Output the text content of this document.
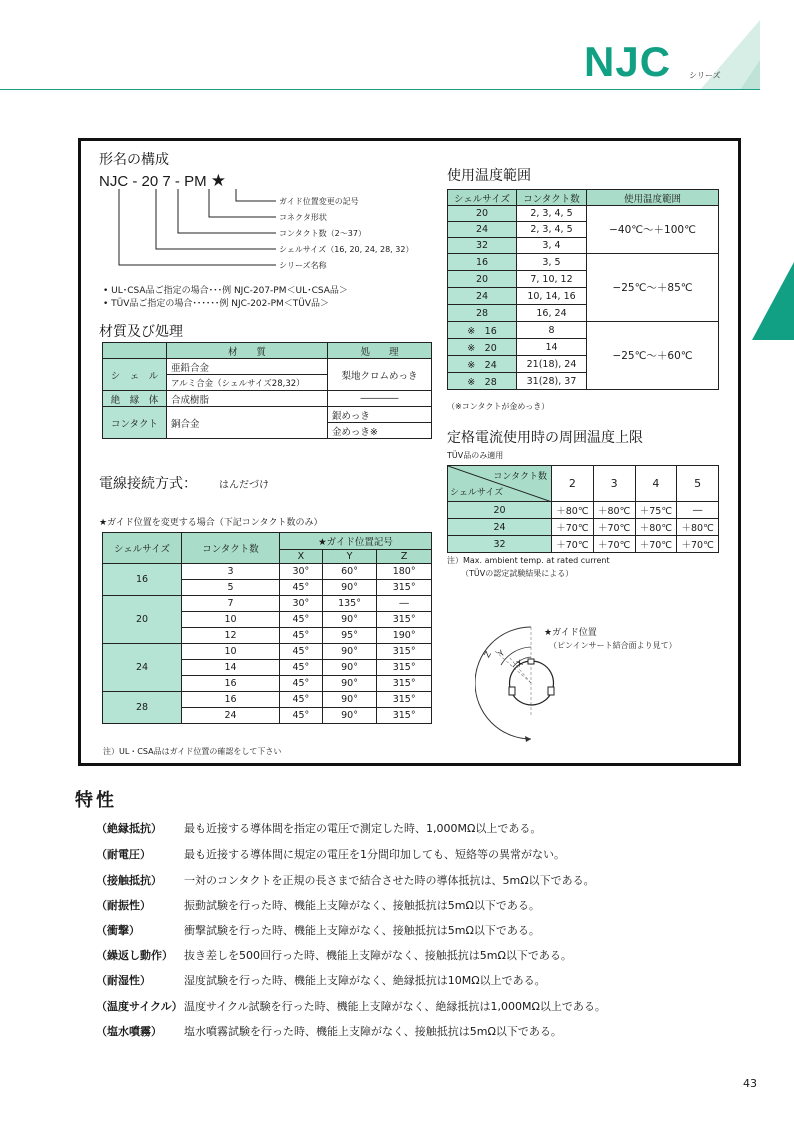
NJC シリーズ
形名の構成
NJC - 20 7 - PM ★
ガイド位置変更の記号
コネクタ形状
コンタクト数（2〜37）
シェルサイズ（16, 20, 24, 28, 32）
シリーズ名称
• UL･CSA品ご指定の場合･･･例 NJC-207-PM＜UL･CSA品＞
• TÜV品ご指定の場合･･････例 NJC-202-PM＜TÜV品＞
材質及び処理
	材　　質	処　　理
シ　ェ　ル	亜鉛合金	梨地クロムめっき
	アルミ合金（シェルサイズ28,32）	
絶　縁　体	合成樹脂	――――
コンタクト	銅合金	銀めっき
		金めっき※
電線接続方式： はんだづけ
★ガイド位置を変更する場合（下記コンタクト数のみ）
シェルサイズ	コンタクト数	★ガイド位置記号		
		X	Y	Z
16	3	30°	60°	180°
	5	45°	90°	315°
20	7	30°	135°	―
	10	45°	90°	315°
	12	45°	95°	190°
24	10	45°	90°	315°
	14	45°	90°	315°
	16	45°	90°	315°
28	16	45°	90°	315°
	24	45°	90°	315°
注）UL・CSA品はガイド位置の確認をして下さい
使用温度範囲
シェルサイズ	コンタクト数	使用温度範囲
20	2, 3, 4, 5	−40℃〜＋100℃
24	2, 3, 4, 5	
32	3, 4	
16	3, 5	−25℃〜＋85℃
20	7, 10, 12	
24	10, 14, 16	
28	16, 24	
※　16	8	−25℃〜＋60℃
※　20	14	
※　24	21(18), 24	
※　28	31(28), 37	
（※コンタクトが金めっき）
定格電流使用時の周囲温度上限
TÜV品のみ適用
コンタクト数
シェルサイズ	2	3	4	5
20	＋80℃	＋80℃	＋75℃	―
24	＋70℃	＋70℃	＋80℃	＋80℃
32	＋70℃	＋70℃	＋70℃	＋70℃
注）Max. ambient temp. at rated current
（TÜVの認定試験結果による）
Z Y
X
★ガイド位置
（ピンインサート結合面より見て）
特性
（絶縁抵抗） 最も近接する導体間を指定の電圧で測定した時、1,000MΩ以上である。
（耐電圧）	最も近接する導体間に規定の電圧を1分間印加しても、短絡等の異常がない。
（接触抵抗） 一対のコンタクトを正規の長さまで結合させた時の導体抵抗は、5mΩ以下である。
（耐振性）	振動試験を行った時、機能上支障がなく、接触抵抗は5mΩ以下である。
（衝撃）	衝撃試験を行った時、機能上支障がなく、接触抵抗は5mΩ以下である。
（繰返し動作） 抜き差しを500回行った時、機能上支障がなく、接触抵抗は5mΩ以下である。
（耐湿性）	湿度試験を行った時、機能上支障がなく、絶縁抵抗は10MΩ以上である。
（温度サイクル）温度サイクル試験を行った時、機能上支障がなく、絶縁抵抗は1,000MΩ以上である。
（塩水噴霧） 塩水噴霧試験を行った時、機能上支障がなく、接触抵抗は5mΩ以下である。
43
